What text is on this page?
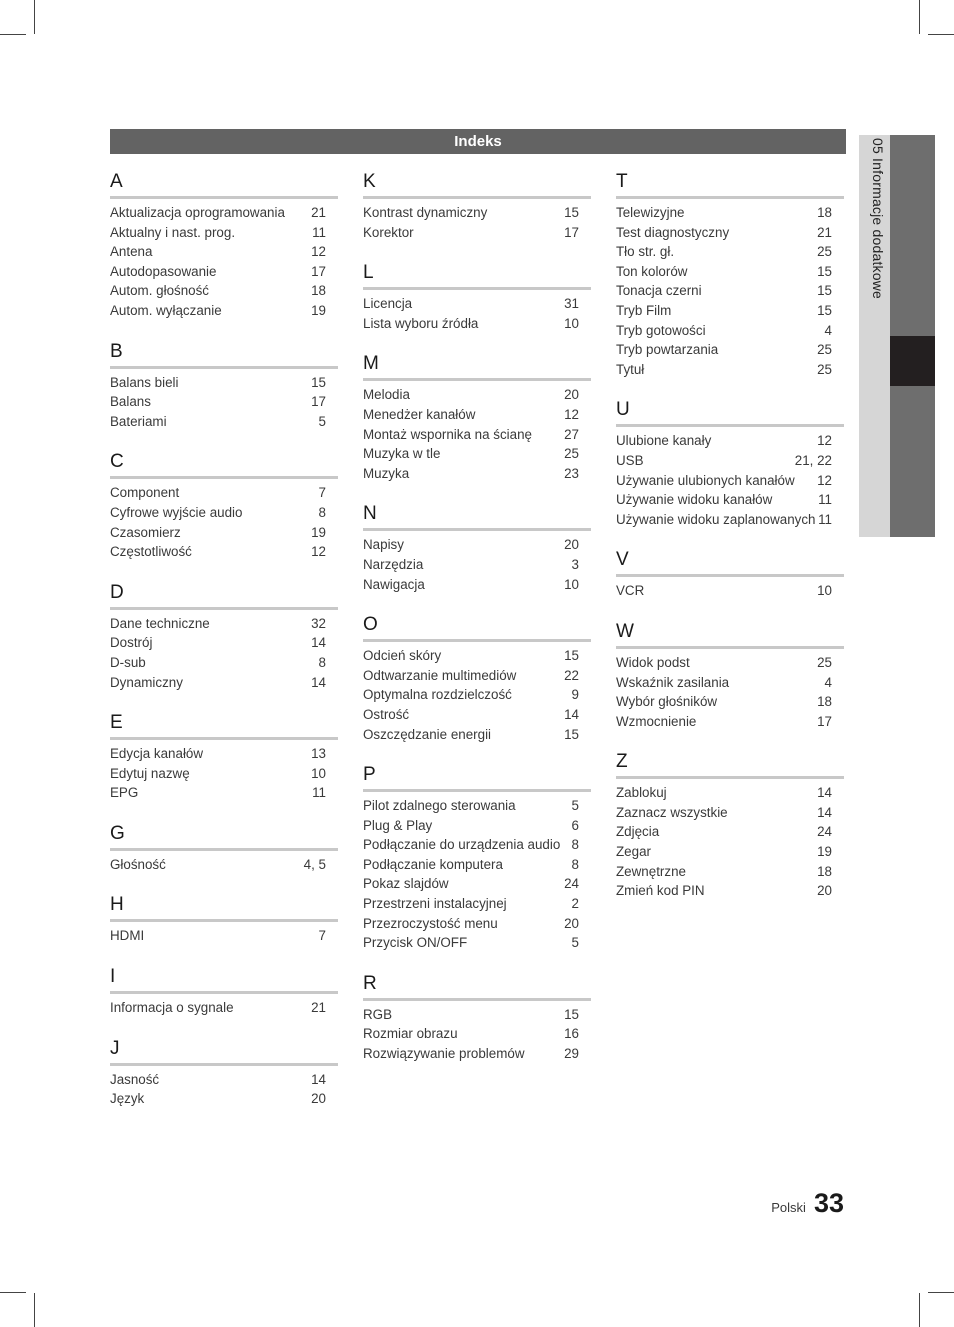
Indeks
A
Aktualizacja oprogramowania 21
Aktualny i nast. prog.	11
Antena	12
Autodopasowanie	17
Autom. głośność	18
Autom. wyłączanie	19
B
Balans bieli	15
Balans	17
Bateriami	5
C
Component	7
Cyfrowe wyjście audio	8
Czasomierz	19
Częstotliwość	12
D
Dane techniczne	32
Dostrój	14
D-sub	8
Dynamiczny	14
E
Edycja kanałów	13
Edytuj nazwę	10
EPG	11
G
Głośność	4, 5
H
HDMI	7
I
Informacja o sygnale	21
J
Jasność	14
Język	20
K
Kontrast dynamiczny	15
Korektor	17
L
Licencja	31
Lista wyboru źródła	10
M
Melodia	20
Menedżer kanałów	12
Montaż wspornika na ścianę 27
Muzyka w tle	25
Muzyka	23
N
Napisy	20
Narzędzia	3
Nawigacja	10
O
Odcień skóry	15
Odtwarzanie multimediów	22
Optymalna rozdzielczość	9
Ostrość	14
Oszczędzanie energii	15
P
Pilot zdalnego sterowania	5
Plug & Play	6
Podłączanie do urządzenia audio 8
Podłączanie komputera	8
Pokaz slajdów	24
Przestrzeni instalacyjnej	2
Przezroczystość menu	20
Przycisk ON/OFF	5
R
RGB	15
Rozmiar obrazu	16
Rozwiązywanie problemów	29
T
Telewizyjne	18
Test diagnostyczny	21
Tło str. gł.	25
Ton kolorów	15
Tonacja czerni	15
Tryb Film	15
Tryb gotowości	4
Tryb powtarzania	25
Tytuł	25
U
Ulubione kanały	12
USB	21, 22
Używanie ulubionych kanałów 12
Używanie widoku kanałów	11
Używanie widoku zaplanowanych 11
V
VCR	10
W
Widok podst	25
Wskaźnik zasilania	4
Wybór głośników	18
Wzmocnienie	17
Z
Zablokuj	14
Zaznacz wszystkie	14
Zdjęcia	24
Zegar	19
Zewnętrzne	18
Zmień kod PIN	20
05 Informacje dodatkowe
Polski 33
